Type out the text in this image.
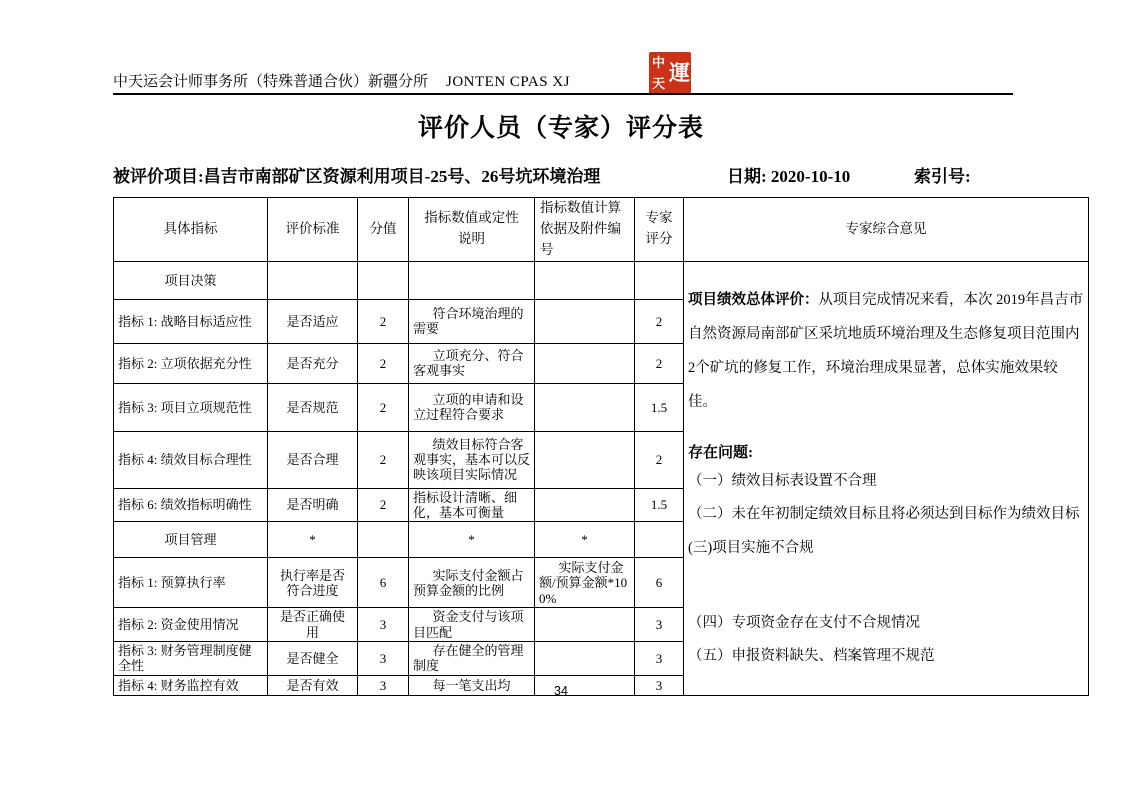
中天运会计师事务所（特殊普通合伙）新疆分所 JONTEN CPAS XJ
中 運
天
评价人员（专家）评分表
被评价项目:昌吉市南部矿区资源利用项目-25号、26号坑环境治理	日期: 2020-10-10	索引号:
具体指标	评价标准	分值	指标数值或定性说明	指标数值计算依据及附件编号	专家评分	专家综合意见
项目决策						

项目绩效总体评价：从项目完成情况来看，本次 2019年昌吉市自然资源局南部矿区采坑地质环境治理及生态修复项目范围内2个矿坑的修复工作，环境治理成果显著，总体实施效果较佳。

存在问题:

（一）绩效目标表设置不合理

（二）未在年初制定绩效目标且将必须达到目标作为绩效目标

(三)项目实施不合规

（四）专项资金存在支付不合规情况

（五）申报资料缺失、档案管理不规范

指标 1: 战略目标适应性	是否适应	2	符合环境治理的需要		2	
指标 2: 立项依据充分性	是否充分	2	立项充分、符合客观事实		2	
指标 3: 项目立项规范性	是否规范	2	立项的申请和设立过程符合要求		1.5	
指标 4: 绩效目标合理性	是否合理	2	绩效目标符合客观事实，基本可以反映该项目实际情况		2	
指标 6: 绩效指标明确性	是否明确	2	指标设计清晰、细化，基本可衡量		1.5	
项目管理	*		*	*		
指标 1: 预算执行率	执行率是否符合进度	6	实际支付金额占预算金额的比例	实际支付金额/预算金额*100%	6	
指标 2: 资金使用情况	是否正确使用	3	资金支付与该项目匹配		3	
指标 3: 财务管理制度健全性	是否健全	3	存在健全的管理制度		3	
指标 4: 财务监控有效	是否有效	3	每一笔支出均		3	
34
